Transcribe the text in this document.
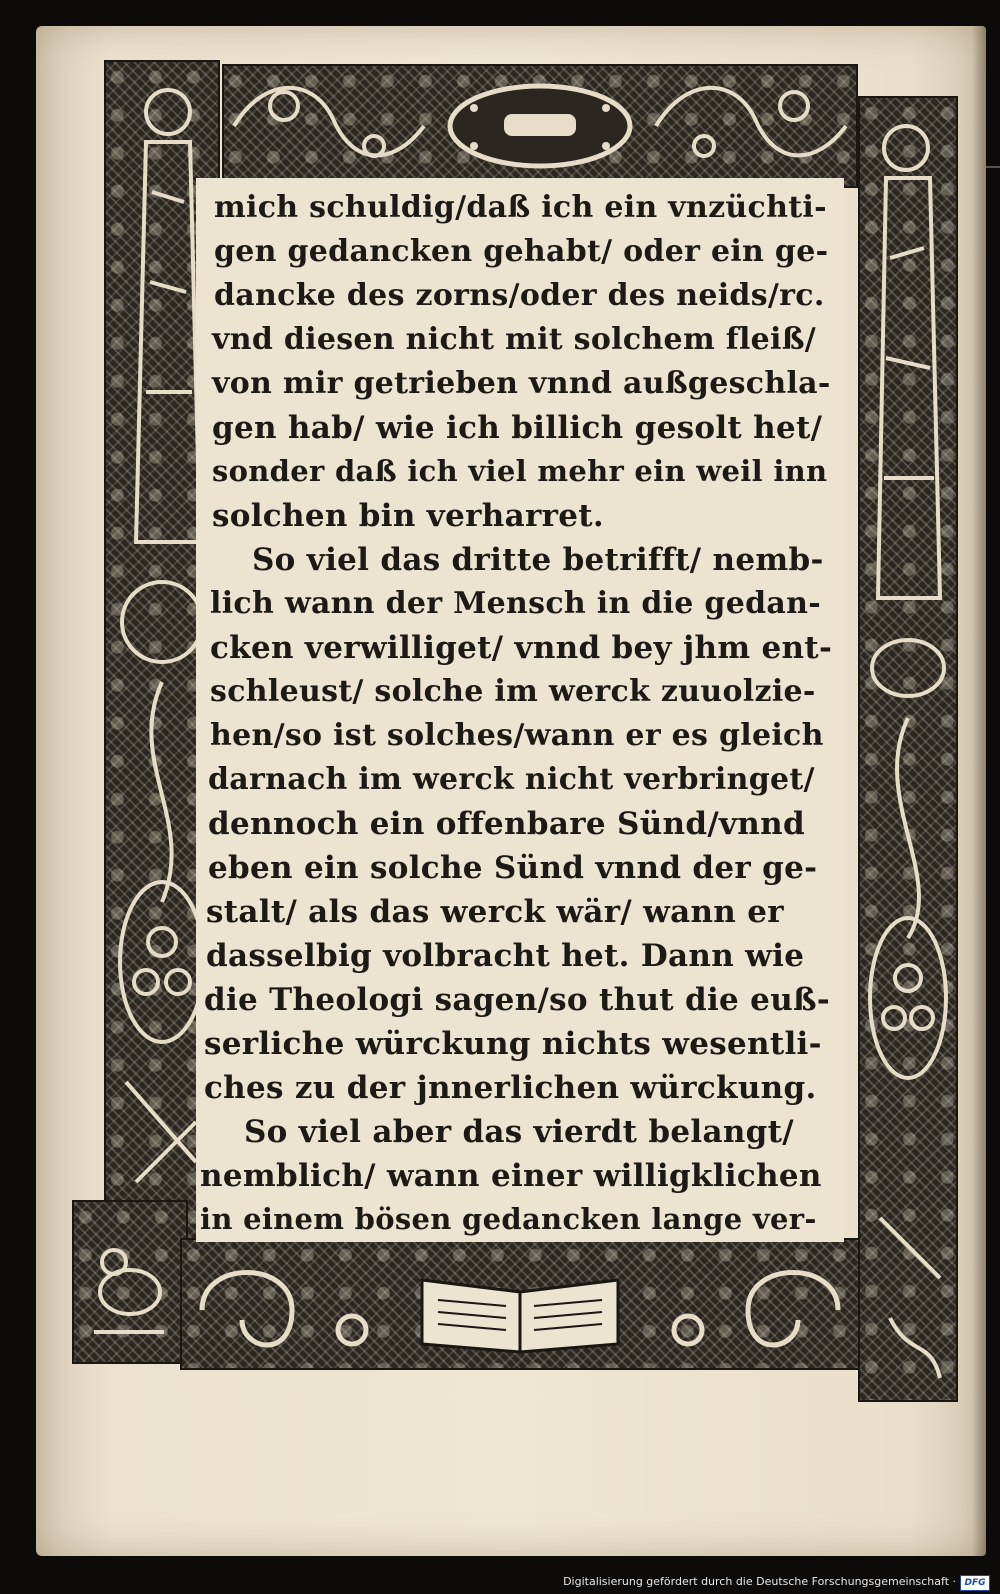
mich schuldig/daß ich ein vnzüchti-
gen gedancken gehabt/ oder ein ge-
dancke des zorns/oder des neids/rc.
vnd diesen nicht mit solchem fleiß/
von mir getrieben vnnd außgeschla-
gen hab/ wie ich billich gesolt het/
sonder daß ich viel mehr ein weil inn
solchen bin verharret.
So viel das dritte betrifft/ nemb-
lich wann der Mensch in die gedan-
cken verwilliget/ vnnd bey jhm ent-
schleust/ solche im werck zuuolzie-
hen/so ist solches/wann er es gleich
darnach im werck nicht verbringet/
dennoch ein offenbare Sünd/vnnd
eben ein solche Sünd vnnd der ge-
stalt/ als das werck wär/ wann er
dasselbig volbracht het. Dann wie
die Theologi sagen/so thut die euß-
serliche würckung nichts wesentli-
ches zu der jnnerlichen würckung.
So viel aber das vierdt belangt/
nemblich/ wann einer willigklichen
in einem bösen gedancken lange ver-
Digitalisierung gefördert durch die Deutsche Forschungsgemeinschaft · DFG
